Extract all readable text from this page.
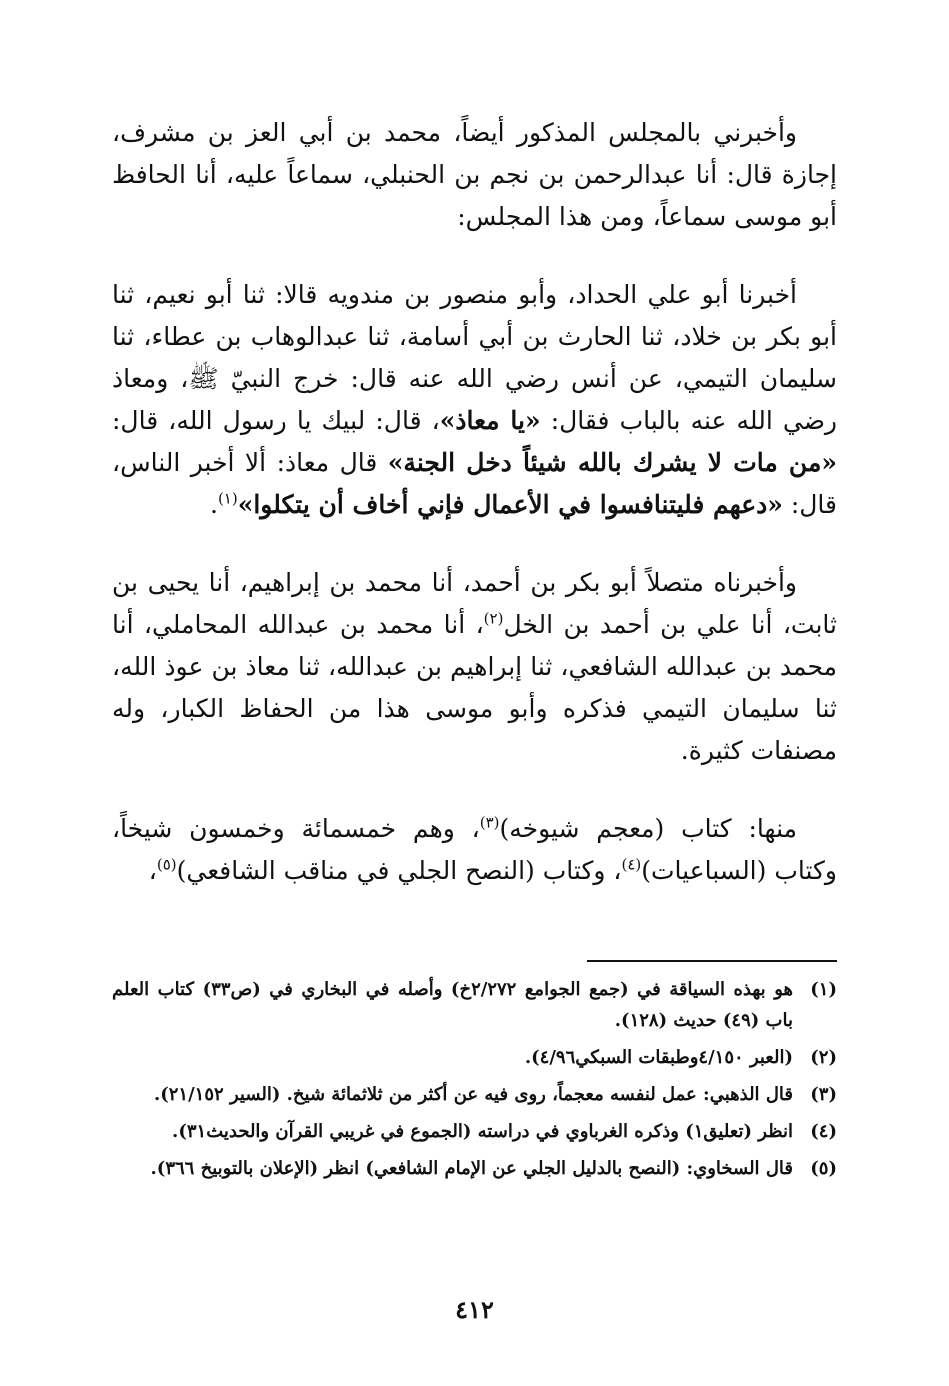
وأخبرني بالمجلس المذكور أيضاً، محمد بن أبي العز بن مشرف، إجازة قال: أنا عبدالرحمن بن نجم بن الحنبلي، سماعاً عليه، أنا الحافظ أبو موسى سماعاً، ومن هذا المجلس:

أخبرنا أبو علي الحداد، وأبو منصور بن مندويه قالا: ثنا أبو نعيم، ثنا أبو بكر بن خلاد، ثنا الحارث بن أبي أسامة، ثنا عبدالوهاب بن عطاء، ثنا سليمان التيمي، عن أنس رضي الله عنه قال: خرج النبيّ ﷺ، ومعاذ رضي الله عنه بالباب فقال: «يا معاذ»، قال: لبيك يا رسول الله، قال: «من مات لا يشرك بالله شيئاً دخل الجنة» قال معاذ: ألا أخبر الناس، قال: «دعهم فليتنافسوا في الأعمال فإني أخاف أن يتكلوا»$^{(١)}$.

وأخبرناه متصلاً أبو بكر بن أحمد، أنا محمد بن إبراهيم، أنا يحيى بن ثابت، أنا علي بن أحمد بن الخل$^{(٢)}$، أنا محمد بن عبدالله المحاملي، أنا محمد بن عبدالله الشافعي، ثنا إبراهيم بن عبدالله، ثنا معاذ بن عوذ الله، ثنا سليمان التيمي فذكره وأبو موسى هذا من الحفاظ الكبار، وله مصنفات كثيرة.

منها: كتاب (معجم شيوخه)$^{(٣)}$، وهم خمسمائة وخمسون شيخاً، وكتاب (السباعيات)$^{(٤)}$، وكتاب (النصح الجلي في مناقب الشافعي)$^{(٥)}$،

(١)
هو بهذه السياقة في (جمع الجوامع ٢/٢٧٢خ) وأصله في البخاري في (ص٣٣) كتاب العلم باب (٤٩) حديث (١٢٨).
(٢)
(العبر ٤/١٥٠وطبقات السبكي٤/٩٦).
(٣)
قال الذهبي: عمل لنفسه معجماً، روى فيه عن أكثر من ثلاثمائة شيخ. (السير ٢١/١٥٢).
(٤)
انظر (تعليق١) وذكره الغرباوي في دراسته (الجموع في غريبي القرآن والحديث٣١).
(٥)
قال السخاوي: (النصح بالدليل الجلي عن الإمام الشافعي) انظر (الإعلان بالتوبيخ ٣٦٦).
٤١٢
